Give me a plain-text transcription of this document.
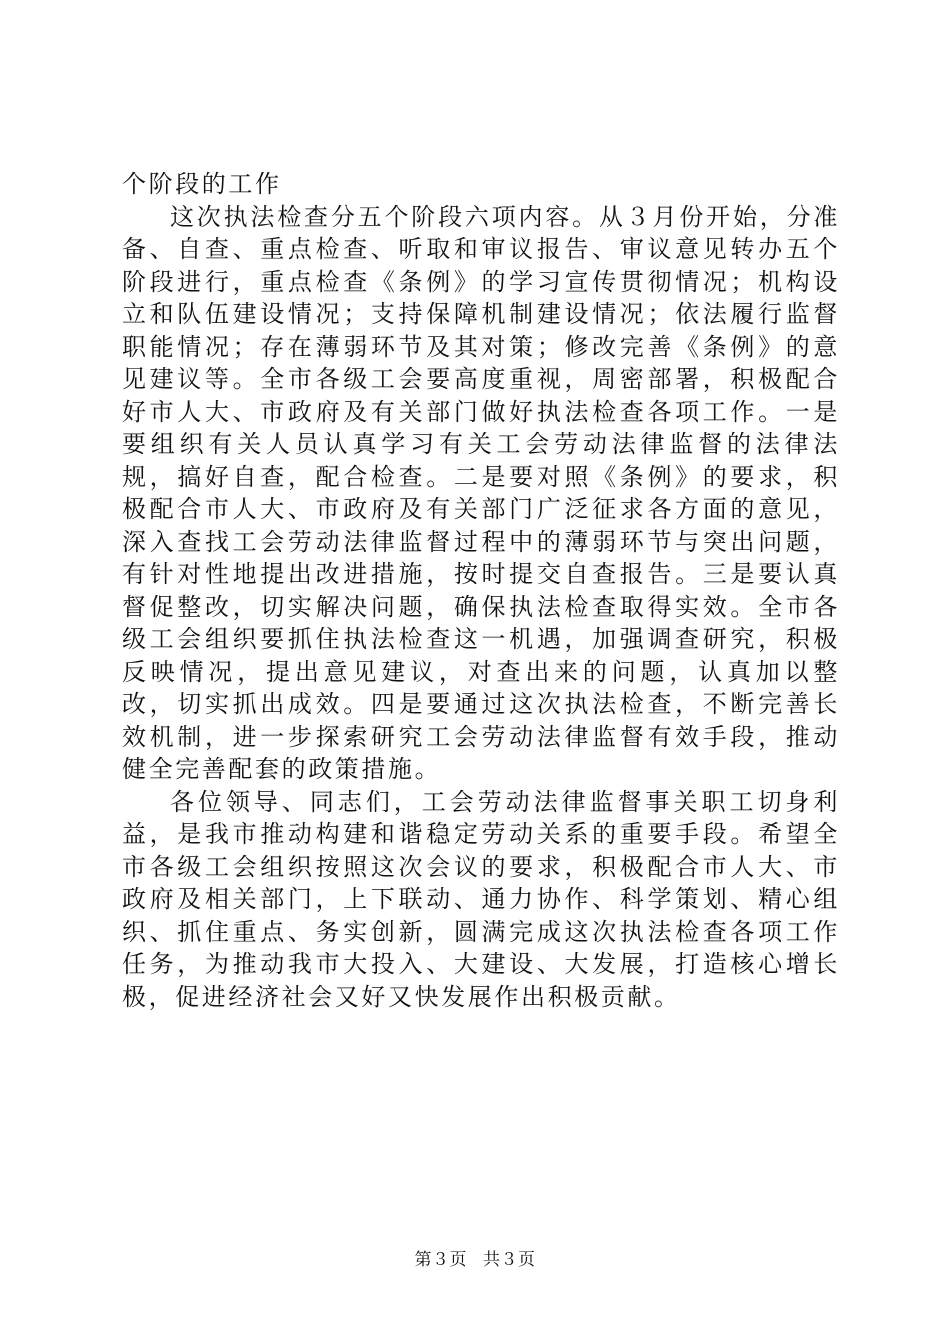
个阶段的工作

这次执法检查分五个阶段六项内容。从３月份开始，分准备、自查、重点检查、听取和审议报告、审议意见转办五个阶段进行，重点检查《条例》的学习宣传贯彻情况；机构设立和队伍建设情况；支持保障机制建设情况；依法履行监督职能情况；存在薄弱环节及其对策；修改完善《条例》的意见建议等。全市各级工会要高度重视，周密部署，积极配合好市人大、市政府及有关部门做好执法检查各项工作。一是要组织有关人员认真学习有关工会劳动法律监督的法律法规，搞好自查，配合检查。二是要对照《条例》的要求，积极配合市人大、市政府及有关部门广泛征求各方面的意见，深入查找工会劳动法律监督过程中的薄弱环节与突出问题，有针对性地提出改进措施，按时提交自查报告。三是要认真督促整改，切实解决问题，确保执法检查取得实效。全市各级工会组织要抓住执法检查这一机遇，加强调查研究，积极反映情况，提出意见建议，对查出来的问题，认真加以整改，切实抓出成效。四是要通过这次执法检查，不断完善长效机制，进一步探索研究工会劳动法律监督有效手段，推动健全完善配套的政策措施。

各位领导、同志们，工会劳动法律监督事关职工切身利益，是我市推动构建和谐稳定劳动关系的重要手段。希望全市各级工会组织按照这次会议的要求，积极配合市人大、市政府及相关部门，上下联动、通力协作、科学策划、精心组织、抓住重点、务实创新，圆满完成这次执法检查各项工作任务，为推动我市大投入、大建设、大发展，打造核心增长极，促进经济社会又好又快发展作出积极贡献。

第３页 共３页
